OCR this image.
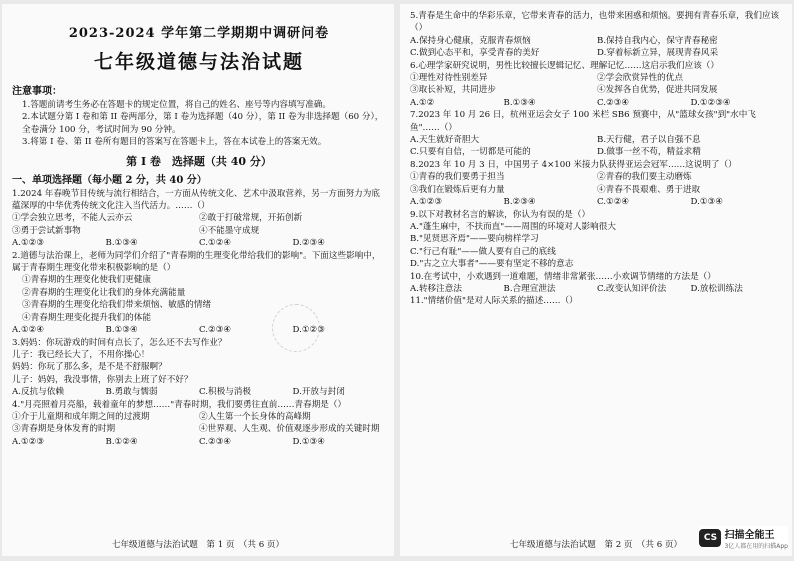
2023-2024 学年第二学期期中调研问卷
七年级道德与法治试题
注意事项：

1.答题前请考生务必在答题卡的规定位置，将自己的姓名、座号等内容填写准确。

2.本试题分第 I 卷和第 II 卷两部分，第 I 卷为选择题（40 分），第 II 卷为非选择题（60 分），全卷满分 100 分，考试时间为 90 分钟。

3.将第 I 卷、第 II 卷所有题目的答案写在答题卡上，答在本试卷上的答案无效。

第 I 卷　选择题（共 40 分）
一、单项选择题（每小题 2 分，共 40 分）

1.2024 年春晚节目传统与流行相结合，一方面从传统文化、艺术中汲取营养，另一方面努力为底蕴深厚的中华优秀传统文化注入当代活力。……（）

①学会独立思考，不能人云亦云	②敢于打破常规，开拓创新
③勇于尝试新事物	④不能墨守成规
A.①②③	B.①③④	C.①②④	D.②③④

2.道德与法治课上，老师为同学们介绍了"青春期的生理变化带给我们的影响"。下面这些影响中，属于青春期生理变化带来积极影响的是（）

①青春期的生理变化使我们更健康

②青春期的生理变化让我们的身体充满能量

③青春期的生理变化给我们带来烦恼、敏感的情绪

④青春期生理变化提升我们的体能

A.①②④	B.①③④	C.②③④	D.①②③

3.妈妈：你玩游戏的时间有点长了，怎么还不去写作业？

儿子：我已经长大了，不用你操心！

妈妈：你玩了那么多，是不是不舒服啊？

儿子：妈妈，我没事情，你别去上班了好不好？

A.反抗与依赖	B.勇敢与懦弱	C.积极与消极	D.开放与封闭

4."月亮照着月亮船，载着童年的梦想……"青春时期，我们要勇往直前……青春期是（）

①介于儿童期和成年期之间的过渡期	②人生第一个长身体的高峰期
③青春期是身体发育的时期	④世界观、人生观、价值观逐步形成的关键时期
A.①②③	B.①②④	C.②③④	D.①③④
七年级道德与法治试题　第 1 页　（共 6 页）

5.青春是生命中的华彩乐章，它带来青春的活力，也带来困惑和烦恼。要拥有青春乐章，我们应该（）

A.保持身心健康，克服青春烦恼	B.保持自我内心，保守青春秘密
C.做到心态平和，享受青春的美好	D.穿着标新立异，展现青春风采

6.心理学家研究说明，男性比较擅长逻辑记忆、理解记忆……这启示我们应该（）

①理性对待性别差异	②学会欣赏异性的优点
③取长补短，共同进步	④发挥各自优势，促进共同发展
A.①②	B.①③④	C.②③④	D.①②③④

7.2023 年 10 月 26 日，杭州亚运会女子 100 米栏 SB6 预赛中，从"篮球女孩"到"水中飞鱼"……（）

A.天生就好奇胆大	B.天行健，君子以自强不息
C.只要有自信，一切都是可能的	D.做事一丝不苟，精益求精

8.2023 年 10 月 3 日，中国男子 4×100 米接力队获得亚运会冠军……这说明了（）

①青春的我们要勇于担当	②青春的我们要主动磨炼
③我们在锻炼后更有力量	④青春不畏艰难、勇于进取
A.①②③	B.②③④	C.①②④	D.①③④

9.以下对教材名言的解读，你认为有误的是（）

A."蓬生麻中，不扶而直"——周围的环境对人影响很大

B."见贤思齐焉"——要向榜样学习

C."行己有耻"——做人要有自己的底线

D."古之立大事者"——要有坚定不移的意志

10.在考试中，小欢遇到一道难题，情绪非常紧张……小欢调节情绪的方法是（）

A.转移注意法	B.合理宣泄法	C.改变认知评价法	D.放松训练法

11."情绪价值"是对人际关系的描述……（）

七年级道德与法治试题　第 2 页　（共 6 页）
CS 扫描全能王
3亿人都在用的扫描App
